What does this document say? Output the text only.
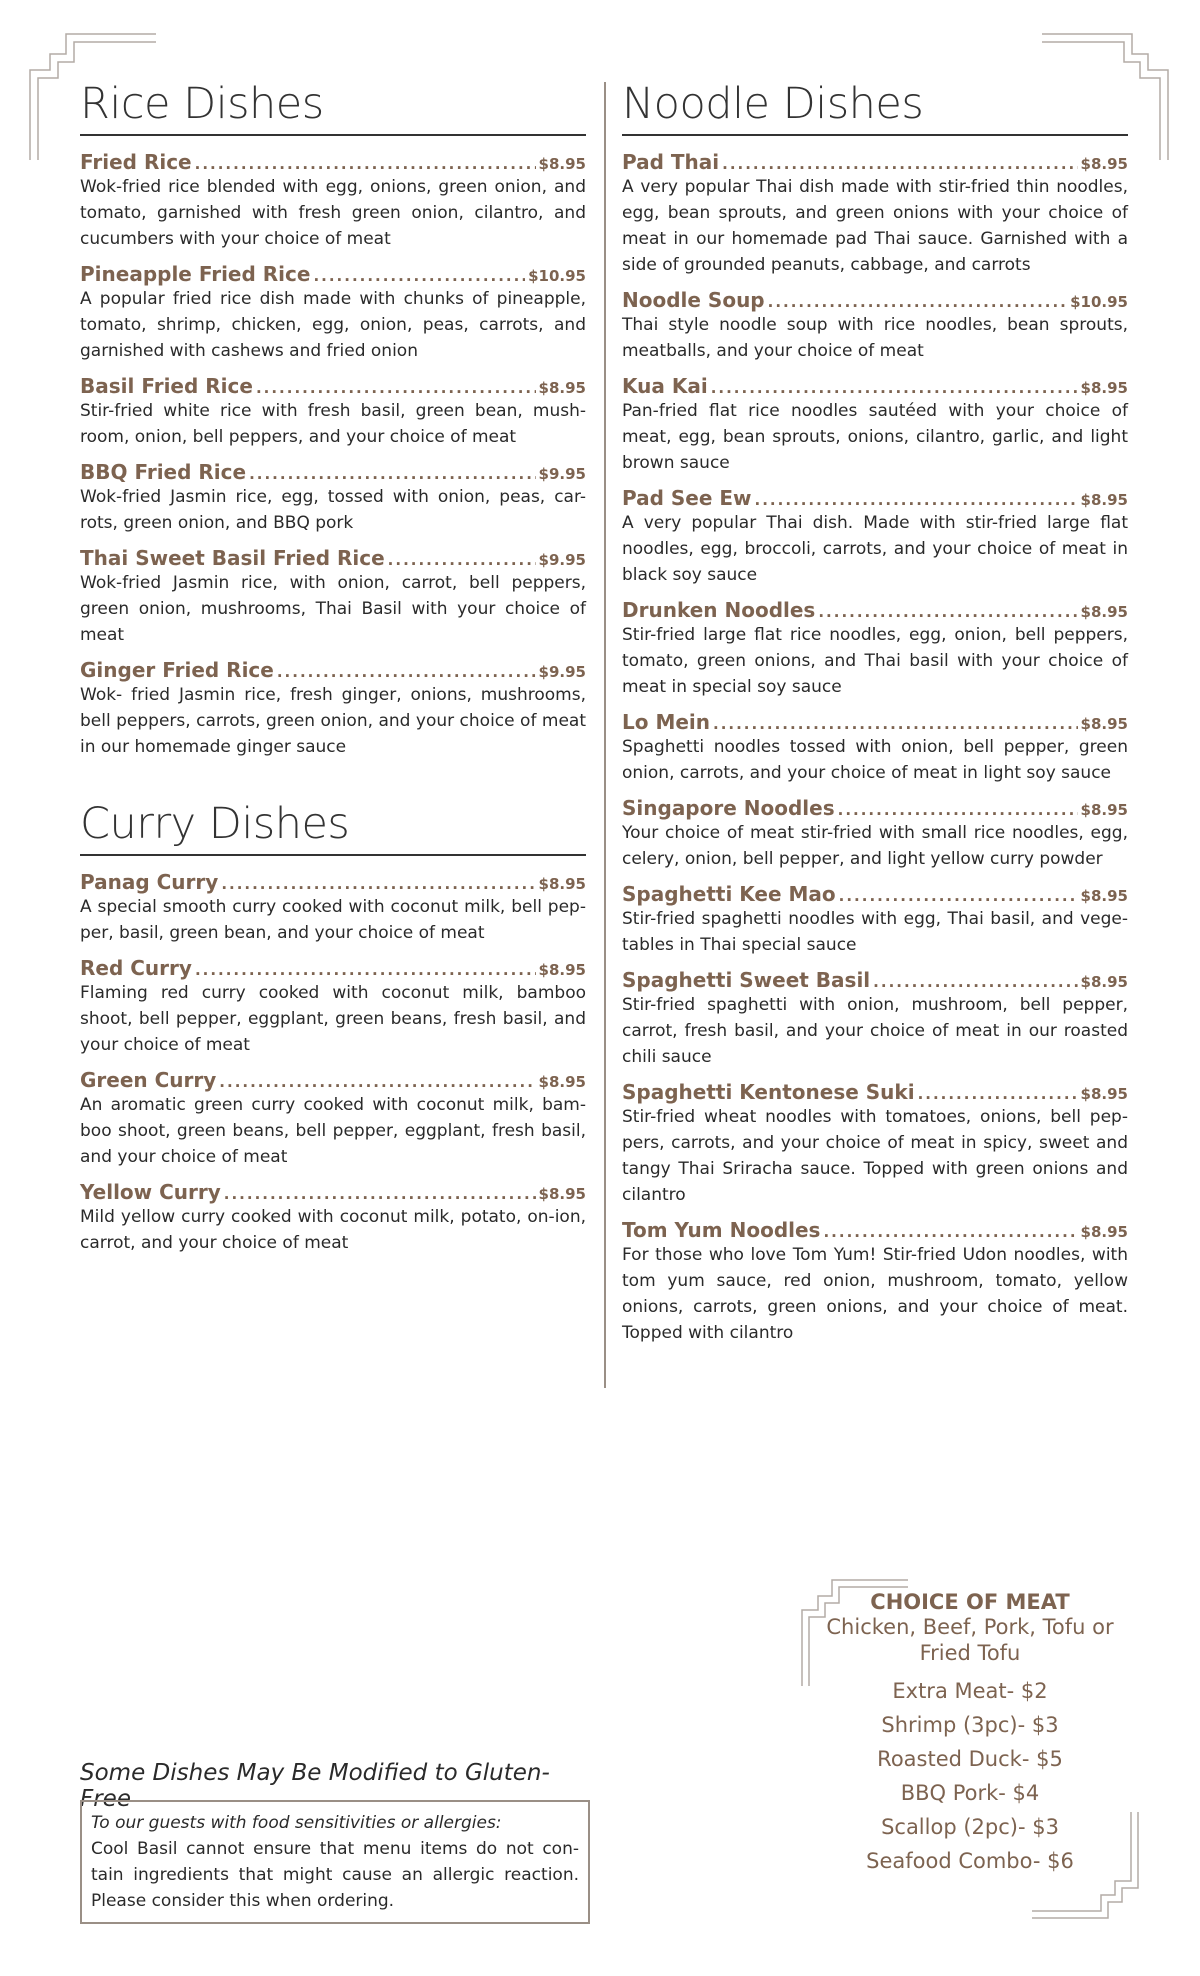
Rice Dishes
Fried Rice .....	$8.95
Wok-fried rice blended with egg, onions, green onion, and tomato, garnished with fresh green onion, cilantro, and cucumbers with your choice of meat
Pineapple Fried Rice .....	$10.95
A popular fried rice dish made with chunks of pineapple, tomato, shrimp, chicken, egg, onion, peas, carrots, and garnished with cashews and fried onion
Basil Fried Rice .....	$8.95
Stir-fried white rice with fresh basil, green bean, mush-room, onion, bell peppers, and your choice of meat
BBQ Fried Rice .....	$9.95
Wok-fried Jasmin rice, egg, tossed with onion, peas, car-rots, green onion, and BBQ pork
Thai Sweet Basil Fried Rice .....	$9.95
Wok-fried Jasmin rice, with onion, carrot, bell peppers, green onion, mushrooms, Thai Basil with your choice of meat
Ginger Fried Rice .....	$9.95
Wok- fried Jasmin rice, fresh ginger, onions, mushrooms, bell peppers, carrots, green onion, and your choice of meat in our homemade ginger sauce
Curry Dishes
Panag Curry .....	$8.95
A special smooth curry cooked with coconut milk, bell pep-per, basil, green bean, and your choice of meat
Red Curry .....	$8.95
Flaming red curry cooked with coconut milk, bamboo shoot, bell pepper, eggplant, green beans, fresh basil, and your choice of meat
Green Curry .....	$8.95
An aromatic green curry cooked with coconut milk, bam-boo shoot, green beans, bell pepper, eggplant, fresh basil, and your choice of meat
Yellow Curry .....	$8.95
Mild yellow curry cooked with coconut milk, potato, on-ion, carrot, and your choice of meat
Noodle Dishes
Pad Thai .....	$8.95
A very popular Thai dish made with stir-fried thin noodles, egg, bean sprouts, and green onions with your choice of meat in our homemade pad Thai sauce. Garnished with a side of grounded peanuts, cabbage, and carrots
Noodle Soup .....	$10.95
Thai style noodle soup with rice noodles, bean sprouts, meatballs, and your choice of meat
Kua Kai .....	$8.95
Pan-fried flat rice noodles sautéed with your choice of meat, egg, bean sprouts, onions, cilantro, garlic, and light brown sauce
Pad See Ew .....	$8.95
A very popular Thai dish. Made with stir-fried large flat noodles, egg, broccoli, carrots, and your choice of meat in black soy sauce
Drunken Noodles .....	$8.95
Stir-fried large flat rice noodles, egg, onion, bell peppers, tomato, green onions, and Thai basil with your choice of meat in special soy sauce
Lo Mein .....	$8.95
Spaghetti noodles tossed with onion, bell pepper, green onion, carrots, and your choice of meat in light soy sauce
Singapore Noodles .....	$8.95
Your choice of meat stir-fried with small rice noodles, egg, celery, onion, bell pepper, and light yellow curry powder
Spaghetti Kee Mao .....	$8.95
Stir-fried spaghetti noodles with egg, Thai basil, and vege-tables in Thai special sauce
Spaghetti Sweet Basil .....	$8.95
Stir-fried spaghetti with onion, mushroom, bell pepper, carrot, fresh basil, and your choice of meat in our roasted chili sauce
Spaghetti Kentonese Suki .....	$8.95
Stir-fried wheat noodles with tomatoes, onions, bell pep-pers, carrots, and your choice of meat in spicy, sweet and tangy Thai Sriracha sauce. Topped with green onions and cilantro
Tom Yum Noodles .....	$8.95
For those who love Tom Yum! Stir-fried Udon noodles, with tom yum sauce, red onion, mushroom, tomato, yellow onions, carrots, green onions, and your choice of meat. Topped with cilantro
CHOICE OF MEAT
Chicken, Beef, Pork, Tofu or Fried Tofu
Extra Meat- $2
Shrimp (3pc)- $3
Roasted Duck- $5
BBQ Pork- $4
Scallop (2pc)- $3
Seafood Combo- $6
Some Dishes May Be Modified to Gluten-Free
To our guests with food sensitivities or allergies:
Cool Basil cannot ensure that menu items do not con-tain ingredients that might cause an allergic reaction. Please consider this when ordering.
